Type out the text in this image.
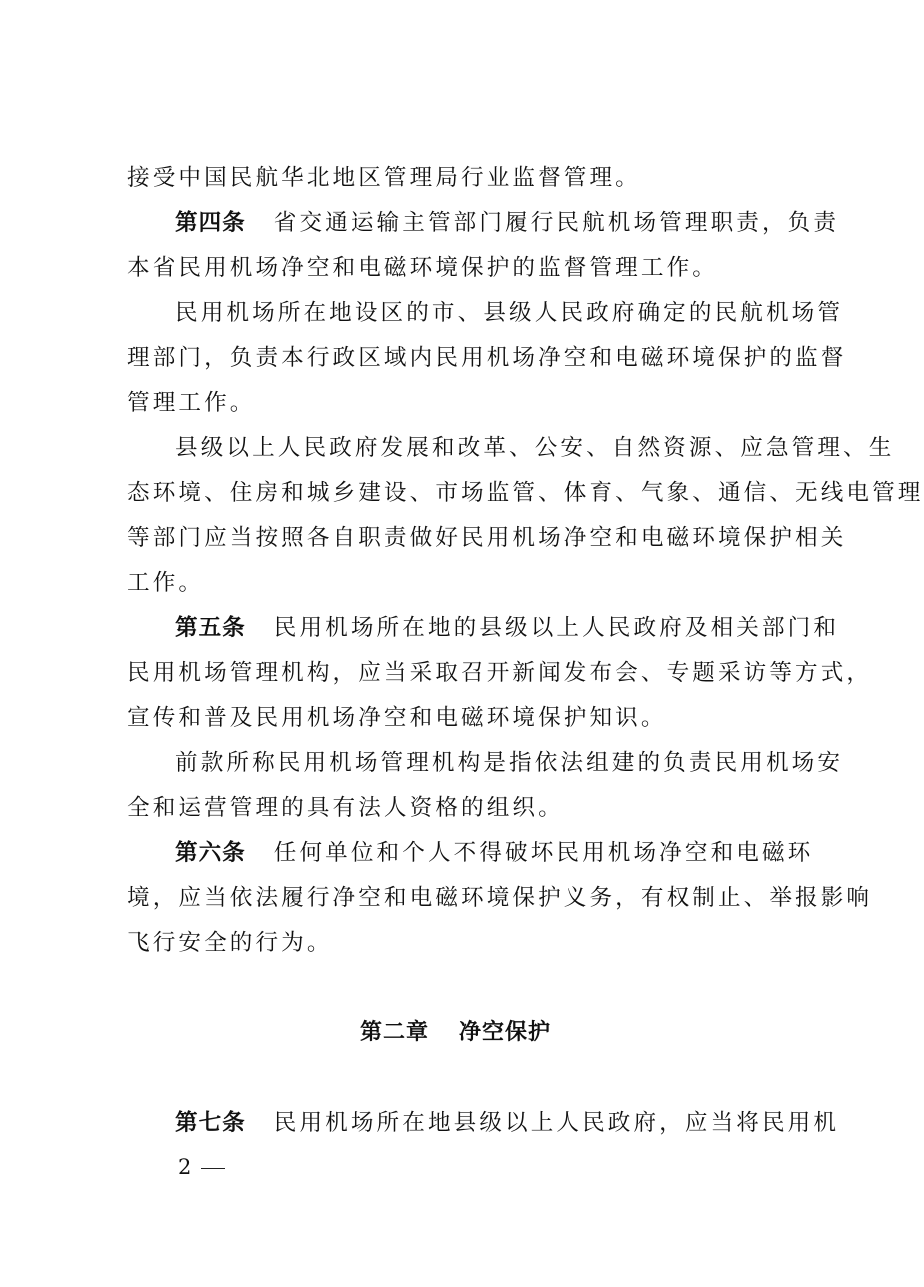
接受中国民航华北地区管理局行业监督管理。
第四条 省交通运输主管部门履行民航机场管理职责，负责
本省民用机场净空和电磁环境保护的监督管理工作。
民用机场所在地设区的市、县级人民政府确定的民航机场管
理部门，负责本行政区域内民用机场净空和电磁环境保护的监督
管理工作。
县级以上人民政府发展和改革、公安、自然资源、应急管理、生
态环境、住房和城乡建设、市场监管、体育、气象、通信、无线电管理
等部门应当按照各自职责做好民用机场净空和电磁环境保护相关
工作。
第五条 民用机场所在地的县级以上人民政府及相关部门和
民用机场管理机构，应当采取召开新闻发布会、专题采访等方式，
宣传和普及民用机场净空和电磁环境保护知识。
前款所称民用机场管理机构是指依法组建的负责民用机场安
全和运营管理的具有法人资格的组织。
第六条 任何单位和个人不得破坏民用机场净空和电磁环
境，应当依法履行净空和电磁环境保护义务，有权制止、举报影响
飞行安全的行为。
第二章 净空保护
第七条 民用机场所在地县级以上人民政府，应当将民用机
2
